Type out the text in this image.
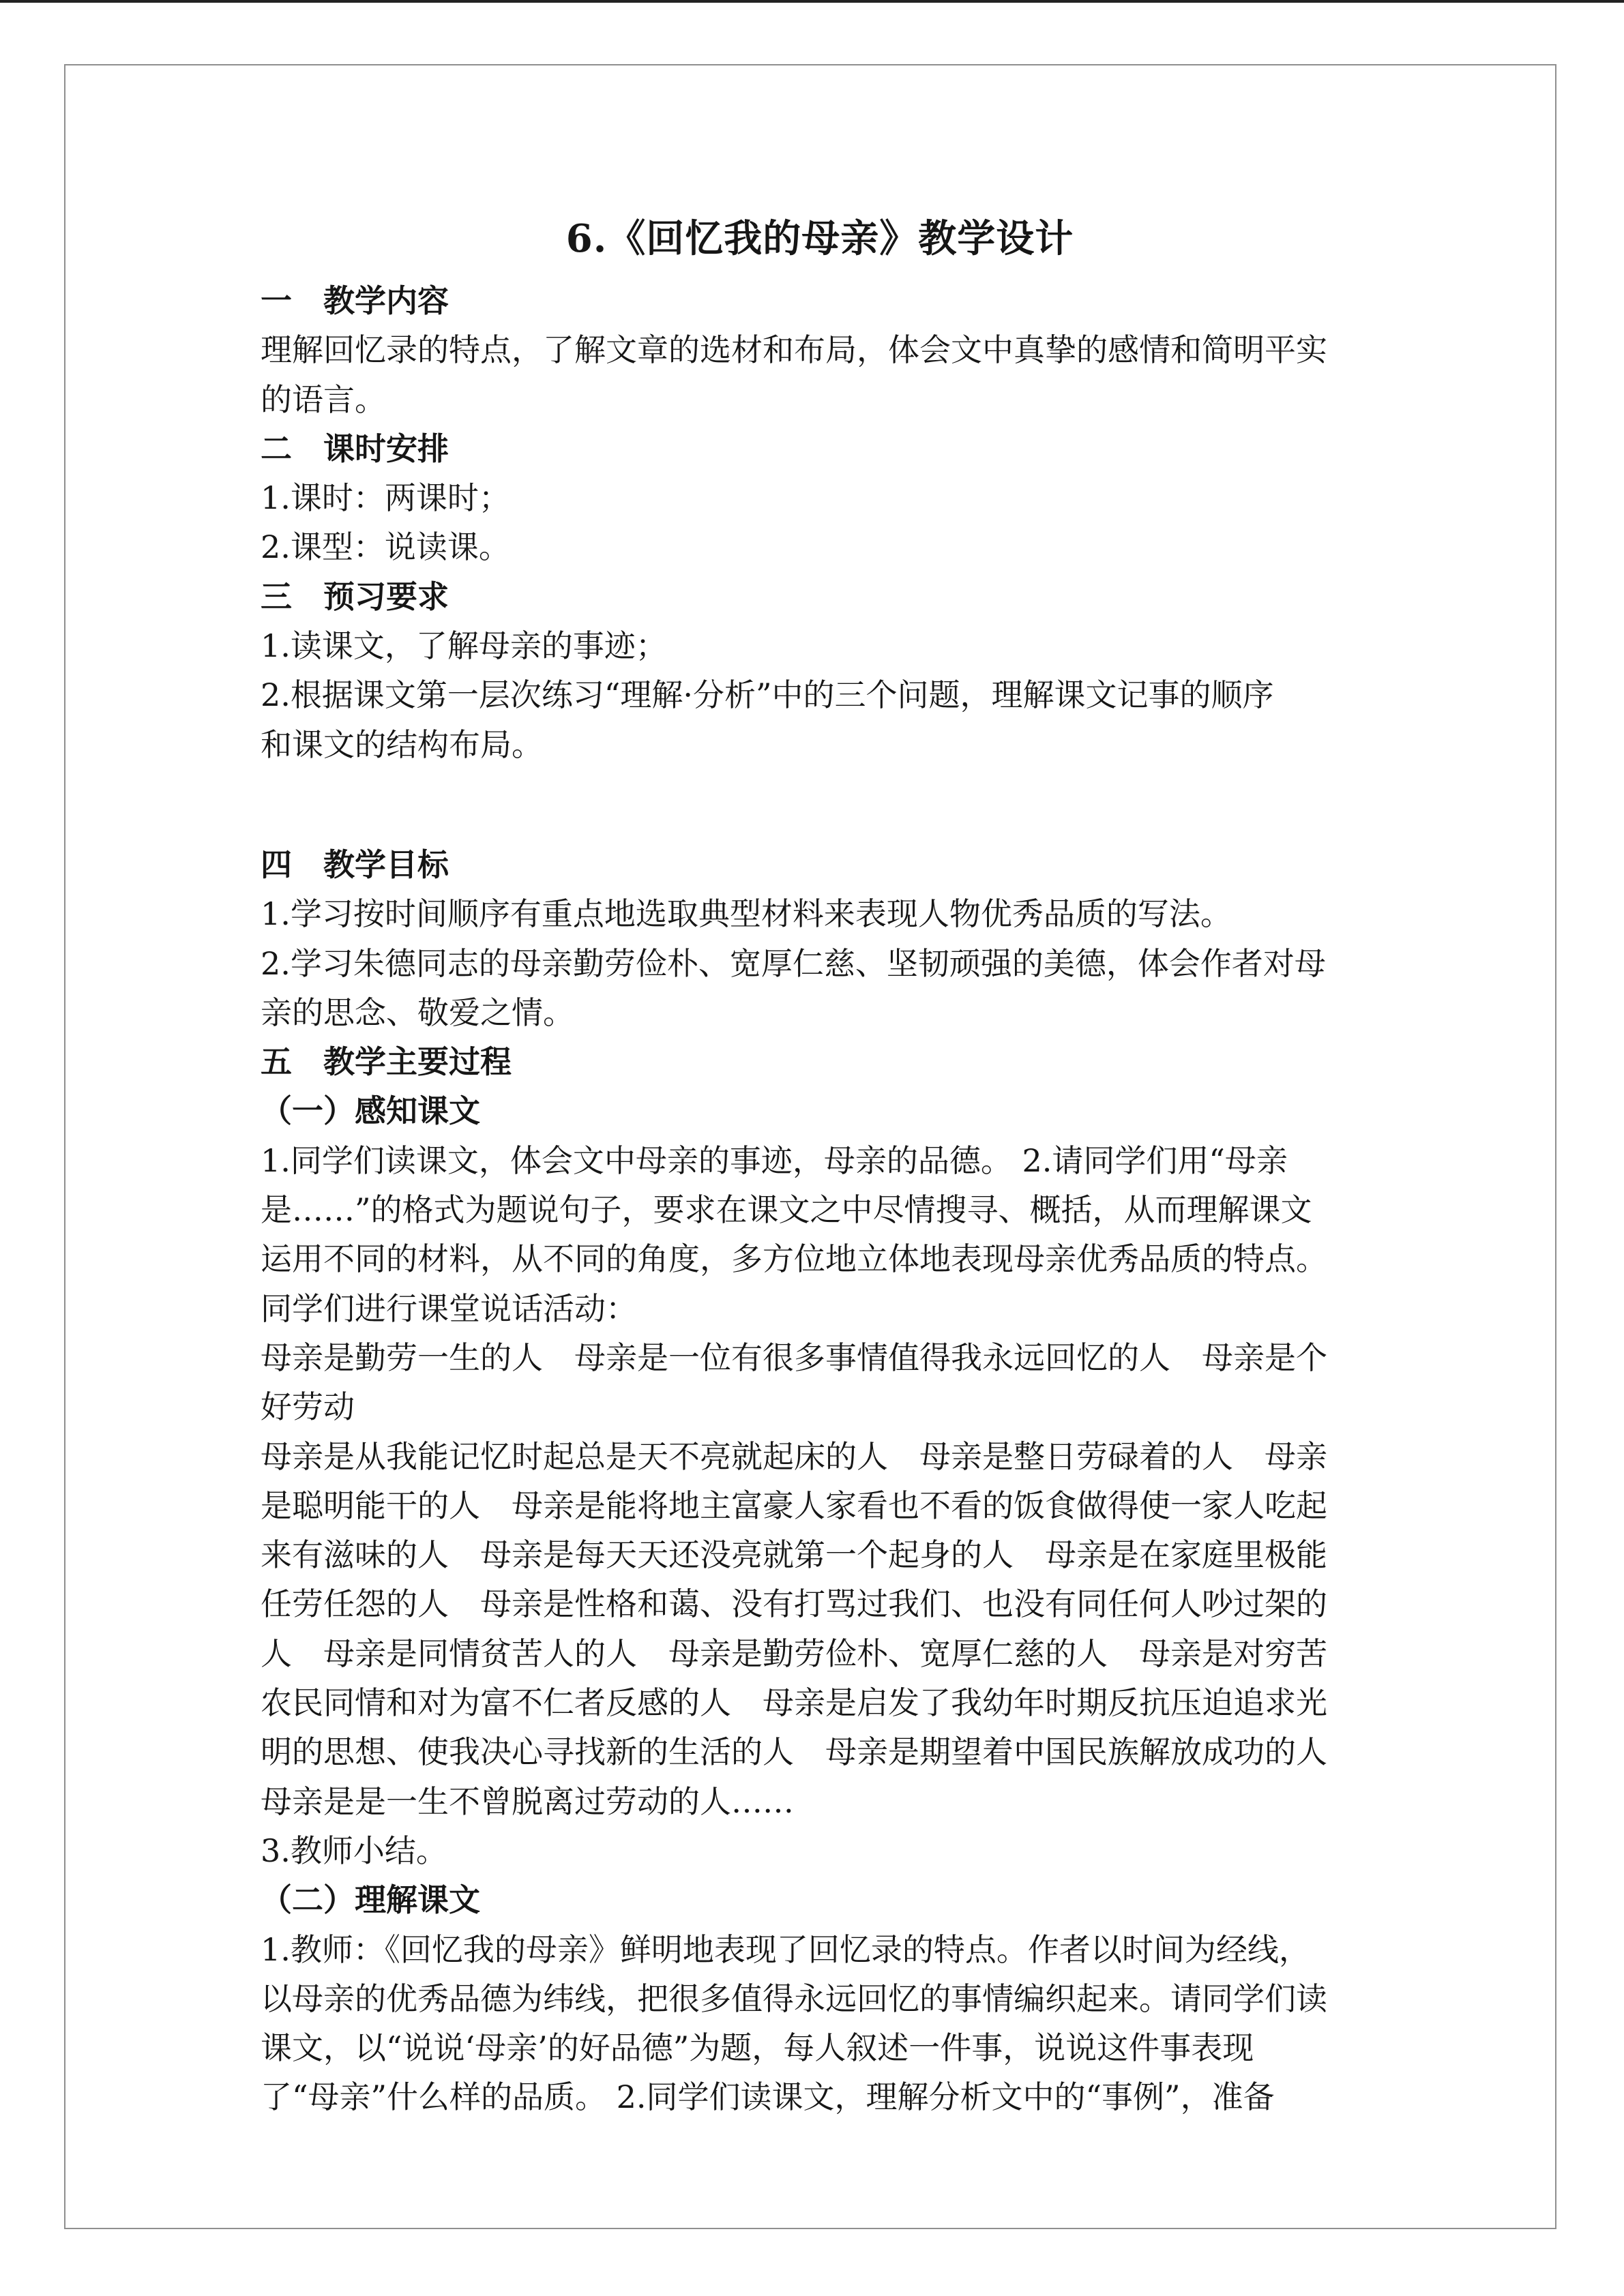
6.《回忆我的母亲》教学设计

一　教学内容

理解回忆录的特点，了解文章的选材和布局，体会文中真挚的感情和简明平实

的语言。

二　课时安排

1.课时：两课时；

2.课型：说读课。

三　预习要求

1.读课文，了解母亲的事迹；

2.根据课文第一层次练习“理解·分析”中的三个问题，理解课文记事的顺序

和课文的结构布局。

四　教学目标

1.学习按时间顺序有重点地选取典型材料来表现人物优秀品质的写法。

2.学习朱德同志的母亲勤劳俭朴、宽厚仁慈、坚韧顽强的美德，体会作者对母

亲的思念、敬爱之情。

五　教学主要过程

（一）感知课文

1.同学们读课文，体会文中母亲的事迹，母亲的品德。 2.请同学们用“母亲

是……”的格式为题说句子，要求在课文之中尽情搜寻、概括，从而理解课文

运用不同的材料，从不同的角度，多方位地立体地表现母亲优秀品质的特点。

同学们进行课堂说话活动：

母亲是勤劳一生的人　母亲是一位有很多事情值得我永远回忆的人　母亲是个

好劳动

母亲是从我能记忆时起总是天不亮就起床的人　母亲是整日劳碌着的人　母亲

是聪明能干的人　母亲是能将地主富豪人家看也不看的饭食做得使一家人吃起

来有滋味的人　母亲是每天天还没亮就第一个起身的人　母亲是在家庭里极能

任劳任怨的人　母亲是性格和蔼、没有打骂过我们、也没有同任何人吵过架的

人　母亲是同情贫苦人的人　母亲是勤劳俭朴、宽厚仁慈的人　母亲是对穷苦

农民同情和对为富不仁者反感的人　母亲是启发了我幼年时期反抗压迫追求光

明的思想、使我决心寻找新的生活的人　母亲是期望着中国民族解放成功的人

母亲是是一生不曾脱离过劳动的人……

3.教师小结。

（二）理解课文

1.教师：《回忆我的母亲》鲜明地表现了回忆录的特点。作者以时间为经线，

以母亲的优秀品德为纬线，把很多值得永远回忆的事情编织起来。请同学们读

课文，以“说说‘母亲’的好品德”为题，每人叙述一件事，说说这件事表现

了“母亲”什么样的品质。 2.同学们读课文，理解分析文中的“事例”，准备
